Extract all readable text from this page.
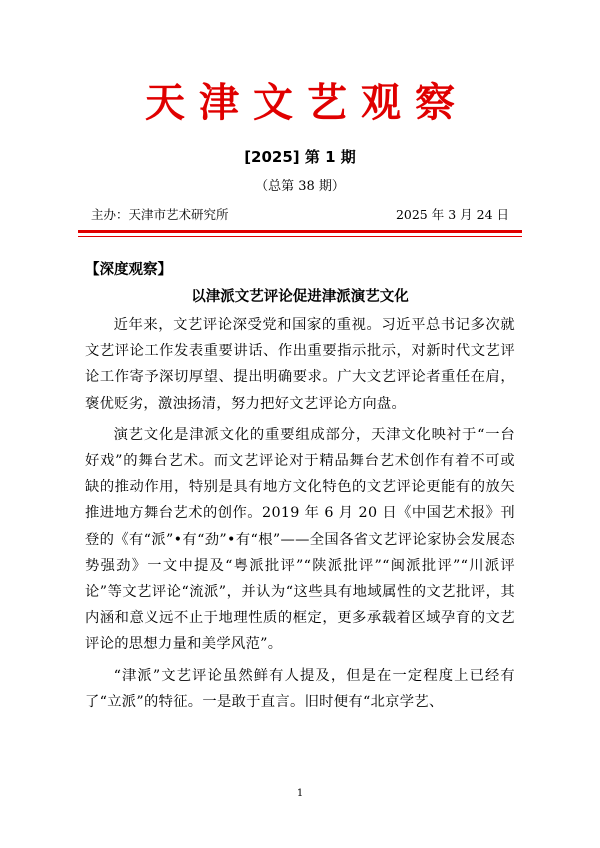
天津文艺观察
[2025] 第 1 期
（总第 38 期）
主办：天津市艺术研究所	2025 年 3 月 24 日
【深度观察】
以津派文艺评论促进津派演艺文化

近年来，文艺评论深受党和国家的重视。习近平总书记多次就文艺评论工作发表重要讲话、作出重要指示批示，对新时代文艺评论工作寄予深切厚望、提出明确要求。广大文艺评论者重任在肩，褒优贬劣，激浊扬清，努力把好文艺评论方向盘。

演艺文化是津派文化的重要组成部分，天津文化映衬于“一台好戏”的舞台艺术。而文艺评论对于精品舞台艺术创作有着不可或缺的推动作用，特别是具有地方文化特色的文艺评论更能有的放矢推进地方舞台艺术的创作。2019 年 6 月 20 日《中国艺术报》刊登的《有“派”•有“劲”•有“根”——全国各省文艺评论家协会发展态势强劲》一文中提及“粤派批评”“陕派批评”“闽派批评”“川派评论”等文艺评论“流派”，并认为“这些具有地域属性的文艺批评，其内涵和意义远不止于地理性质的框定，更多承载着区域孕育的文艺评论的思想力量和美学风范”。

“津派”文艺评论虽然鲜有人提及，但是在一定程度上已经有了“立派”的特征。一是敢于直言。旧时便有“北京学艺、

1
